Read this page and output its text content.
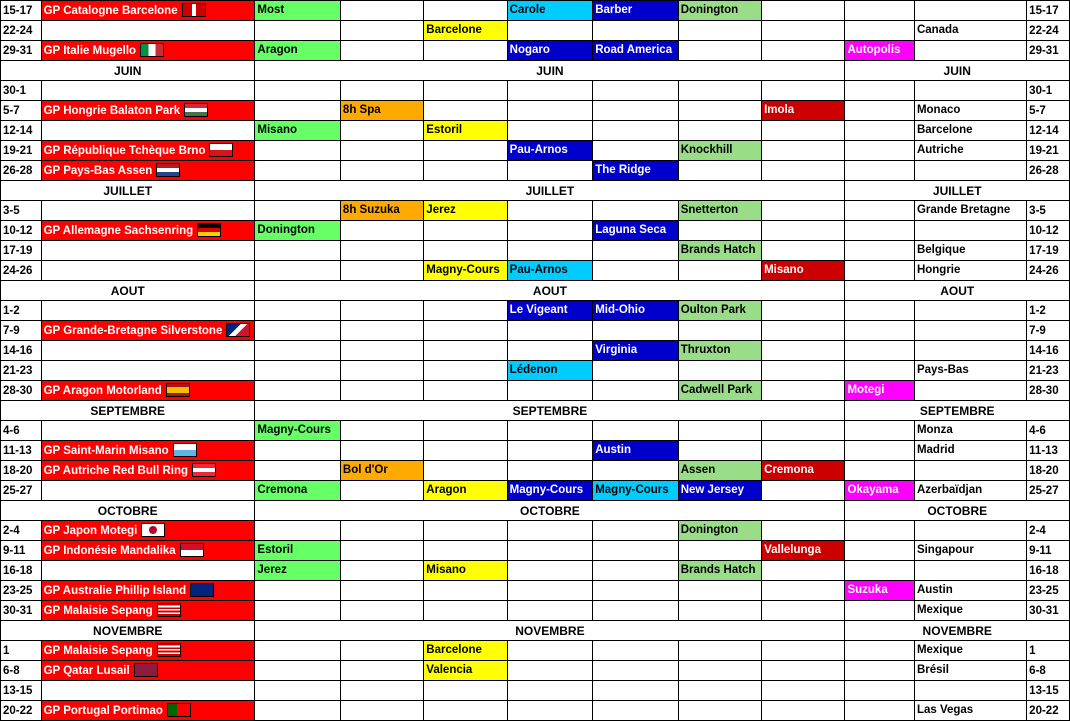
15-17	GP Catalogne Barcelone	Most			Carole	Barber	Donington				15-17
22-24				Barcelone						Canada	22-24
29-31	GP Italie Mugello	Aragon			Nogaro	Road America			Autopolis		29-31
JUIN		JUIN							JUIN		
30-1											30-1
5-7	GP Hongrie Balaton Park		8h Spa					Imola		Monaco	5-7
12-14		Misano		Estoril						Barcelone	12-14
19-21	GP République Tchèque Brno				Pau-Arnos		Knockhill			Autriche	19-21
26-28	GP Pays-Bas Assen					The Ridge					26-28
JUILLET		JUILLET							JUILLET		
3-5			8h Suzuka	Jerez			Snetterton			Grande Bretagne	3-5
10-12	GP Allemagne Sachsenring	Donington				Laguna Seca					10-12
17-19							Brands Hatch			Belgique	17-19
24-26				Magny-Cours	Pau-Arnos			Misano		Hongrie	24-26
AOUT		AOUT							AOUT		
1-2					Le Vigeant	Mid-Ohio	Oulton Park				1-2
7-9	GP Grande-Bretagne Silverstone										7-9
14-16						Virginia	Thruxton				14-16
21-23					Lédenon					Pays-Bas	21-23
28-30	GP Aragon Motorland						Cadwell Park		Motegi		28-30
SEPTEMBRE		SEPTEMBRE							SEPTEMBRE		
4-6		Magny-Cours								Monza	4-6
11-13	GP Saint-Marin Misano					Austin				Madrid	11-13
18-20	GP Autriche Red Bull Ring		Bol d'Or				Assen	Cremona			18-20
25-27		Cremona		Aragon	Magny-Cours	Magny-Cours	New Jersey		Okayama	Azerbaïdjan	25-27
OCTOBRE		OCTOBRE							OCTOBRE		
2-4	GP Japon Motegi						Donington				2-4
9-11	GP Indonésie Mandalika	Estoril						Vallelunga		Singapour	9-11
16-18		Jerez		Misano			Brands Hatch				16-18
23-25	GP Australie Phillip Island								Suzuka	Austin	23-25
30-31	GP Malaisie Sepang									Mexique	30-31
NOVEMBRE		NOVEMBRE							NOVEMBRE		
1	GP Malaisie Sepang			Barcelone						Mexique	1
6-8	GP Qatar Lusail			Valencia						Brésil	6-8
13-15											13-15
20-22	GP Portugal Portimao									Las Vegas	20-22
